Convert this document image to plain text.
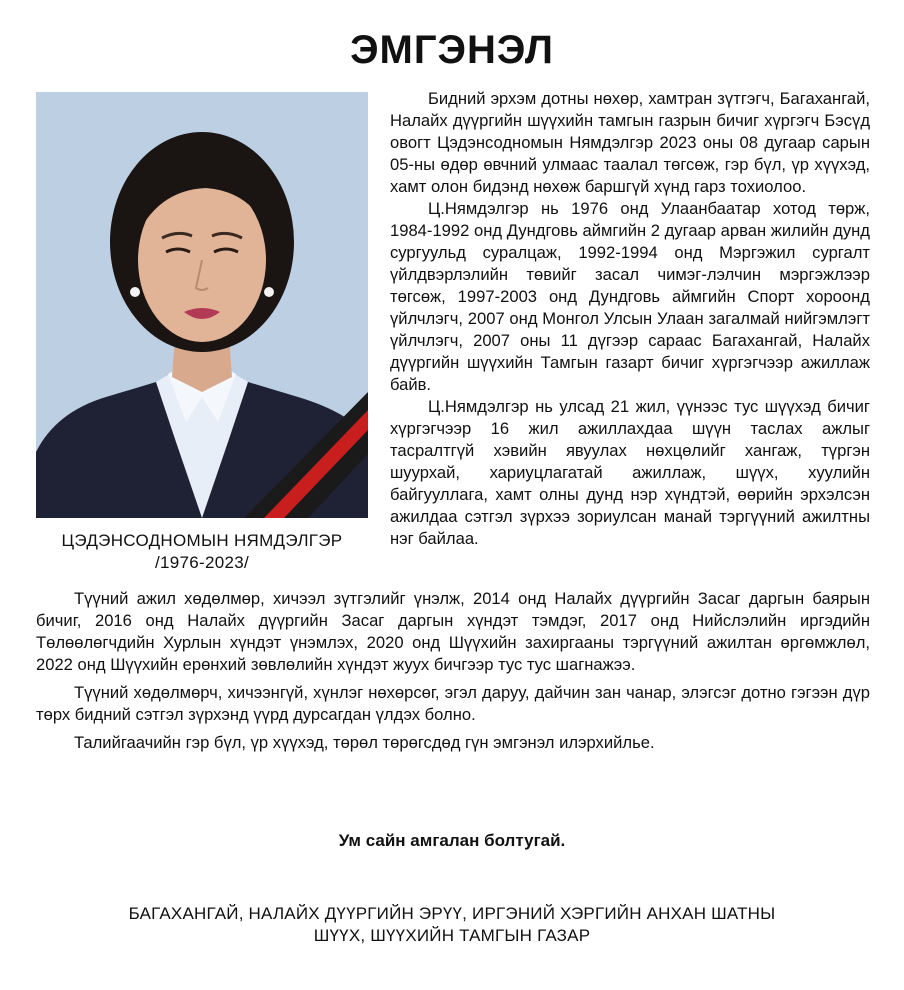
ЭМГЭНЭЛ
ЦЭДЭНСОДНОМЫН НЯМДЭЛГЭР
/1976-2023/

Бидний эрхэм дотны нөхөр, хамтран зүтгэгч, Багахангай, Налайх дүүргийн шүүхийн тамгын газрын бичиг хүргэгч Бэсүд овогт Цэдэнсодномын Нямдэлгэр 2023 оны 08 дугаар сарын 05-ны өдөр өвчний улмаас таалал төгсөж, гэр бүл, үр хүүхэд, хамт олон бидэнд нөхөж баршгүй хүнд гарз тохиолоо.

Ц.Нямдэлгэр нь 1976 онд Улаанбаатар хотод төрж, 1984-1992 онд Дундговь аймгийн 2 дугаар арван жилийн дунд сургуульд суралцаж, 1992-1994 онд Мэргэжил сургалт үйлдвэрлэлийн төвийг засал чимэг-лэлчин мэргэжлээр төгсөж, 1997-2003 онд Дундговь аймгийн Спорт хороонд үйлчлэгч, 2007 онд Монгол Улсын Улаан загалмай нийгэмлэгт үйлчлэгч, 2007 оны 11 дүгээр сараас Багахангай, Налайх дүүргийн шүүхийн Тамгын газарт бичиг хүргэгчээр ажиллаж байв.

Ц.Нямдэлгэр нь улсад 21 жил, үүнээс тус шүүхэд бичиг хүргэгчээр 16 жил ажиллахдаа шүүн таслах ажлыг тасралтгүй хэвийн явуулах нөхцөлийг хангаж, түргэн шуурхай, хариуцлагатай ажиллаж, шүүх, хуулийн байгууллага, хамт олны дунд нэр хүндтэй, өөрийн эрхэлсэн ажилдаа сэтгэл зүрхээ зориулсан манай тэргүүний ажилтны нэг байлаа.

Түүний ажил хөдөлмөр, хичээл зүтгэлийг үнэлж, 2014 онд Налайх дүүргийн Засаг даргын баярын бичиг, 2016 онд Налайх дүүргийн Засаг даргын хүндэт тэмдэг, 2017 онд Нийслэлийн иргэдийн Төлөөлөгчдийн Хурлын хүндэт үнэмлэх, 2020 онд Шүүхийн захиргааны тэргүүний ажилтан өргөмжлөл, 2022 онд Шүүхийн ерөнхий зөвлөлийн хүндэт жуух бичгээр тус тус шагнажээ.

Түүний хөдөлмөрч, хичээнгүй, хүнлэг нөхөрсөг, эгэл даруу, дайчин зан чанар, элэгсэг дотно гэгээн дүр төрх бидний сэтгэл зүрхэнд үүрд дурсагдан үлдэх болно.

Талийгаачийн гэр бүл, үр хүүхэд, төрөл төрөгсдөд гүн эмгэнэл илэрхийлье.

Ум сайн амгалан болтугай.
БАГАХАНГАЙ, НАЛАЙХ ДҮҮРГИЙН ЭРҮҮ, ИРГЭНИЙ ХЭРГИЙН АНХАН ШАТНЫ
ШҮҮХ, ШҮҮХИЙН ТАМГЫН ГАЗАР
